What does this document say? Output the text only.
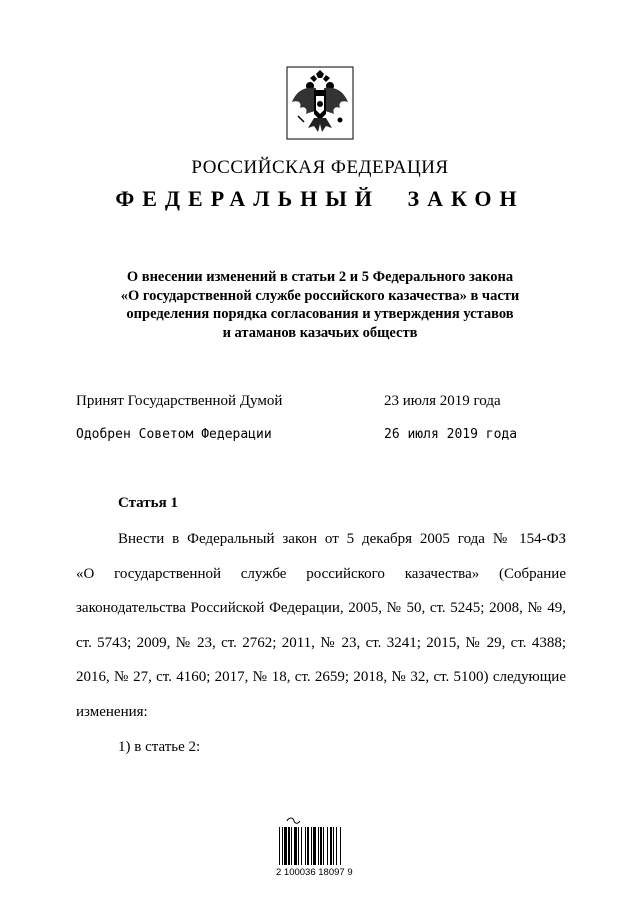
РОССИЙСКАЯ ФЕДЕРАЦИЯ
ФЕДЕРАЛЬНЫЙ ЗАКОН
О внесении изменений в статьи 2 и 5 Федерального закона
«О государственной службе российского казачества» в части
определения порядка согласования и утверждения уставов
и атаманов казачьих обществ
Принят Государственной Думой	23 июля 2019 года
Одобрен Советом Федерации	26 июля 2019 года
Статья 1
Внести в Федеральный закон от 5 декабря 2005 года № 154-ФЗ
«О государственной службе российского казачества» (Собрание
законодательства Российской Федерации, 2005, № 50, ст. 5245; 2008, № 49,
ст. 5743; 2009, № 23, ст. 2762; 2011, № 23, ст. 3241; 2015, № 29, ст. 4388;
2016, № 27, ст. 4160; 2017, № 18, ст. 2659; 2018, № 32, ст. 5100) следующие
изменения:
1) в статье 2:
2 100036 18097 9
